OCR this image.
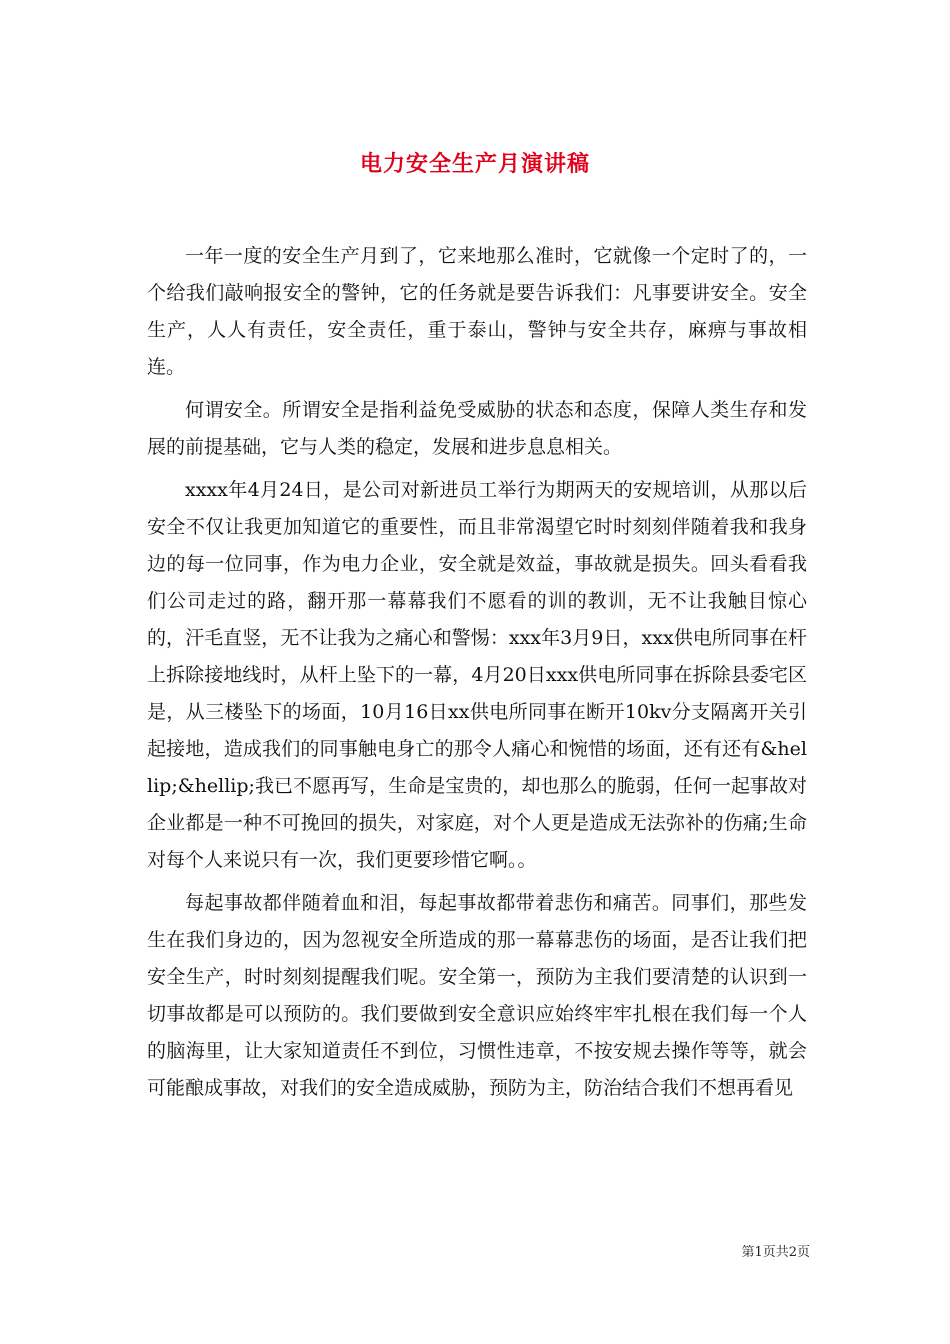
电力安全生产月演讲稿

一年一度的安全生产月到了，它来地那么准时，它就像一个定时了的，一个给我们敲响报安全的警钟，它的任务就是要告诉我们：凡事要讲安全。安全生产，人人有责任，安全责任，重于泰山，警钟与安全共存，麻痹与事故相连。

何谓安全。所谓安全是指利益免受威胁的状态和态度，保障人类生存和发展的前提基础，它与人类的稳定，发展和进步息息相关。

xxxx年4月24日，是公司对新进员工举行为期两天的安规培训，从那以后安全不仅让我更加知道它的重要性，而且非常渴望它时时刻刻伴随着我和我身边的每一位同事，作为电力企业，安全就是效益，事故就是损失。回头看看我们公司走过的路，翻开那一幕幕我们不愿看的训的教训，无不让我触目惊心的，汗毛直竖，无不让我为之痛心和警惕：xxx年3月9日，xxx供电所同事在杆上拆除接地线时，从杆上坠下的一幕，4月20日xxx供电所同事在拆除县委宅区是，从三楼坠下的场面，10月16日xx供电所同事在断开10kv分支隔离开关引起接地，造成我们的同事触电身亡的那令人痛心和惋惜的场面，还有还有&hellip;&hellip;我已不愿再写，生命是宝贵的，却也那么的脆弱，任何一起事故对企业都是一种不可挽回的损失，对家庭，对个人更是造成无法弥补的伤痛;生命对每个人来说只有一次，我们更要珍惜它啊。。

每起事故都伴随着血和泪，每起事故都带着悲伤和痛苦。同事们，那些发生在我们身边的，因为忽视安全所造成的那一幕幕悲伤的场面，是否让我们把安全生产，时时刻刻提醒我们呢。安全第一，预防为主我们要清楚的认识到一切事故都是可以预防的。我们要做到安全意识应始终牢牢扎根在我们每一个人的脑海里，让大家知道责任不到位，习惯性违章，不按安规去操作等等，就会可能酿成事故，对我们的安全造成威胁，预防为主，防治结合我们不想再看见

第1页共2页
